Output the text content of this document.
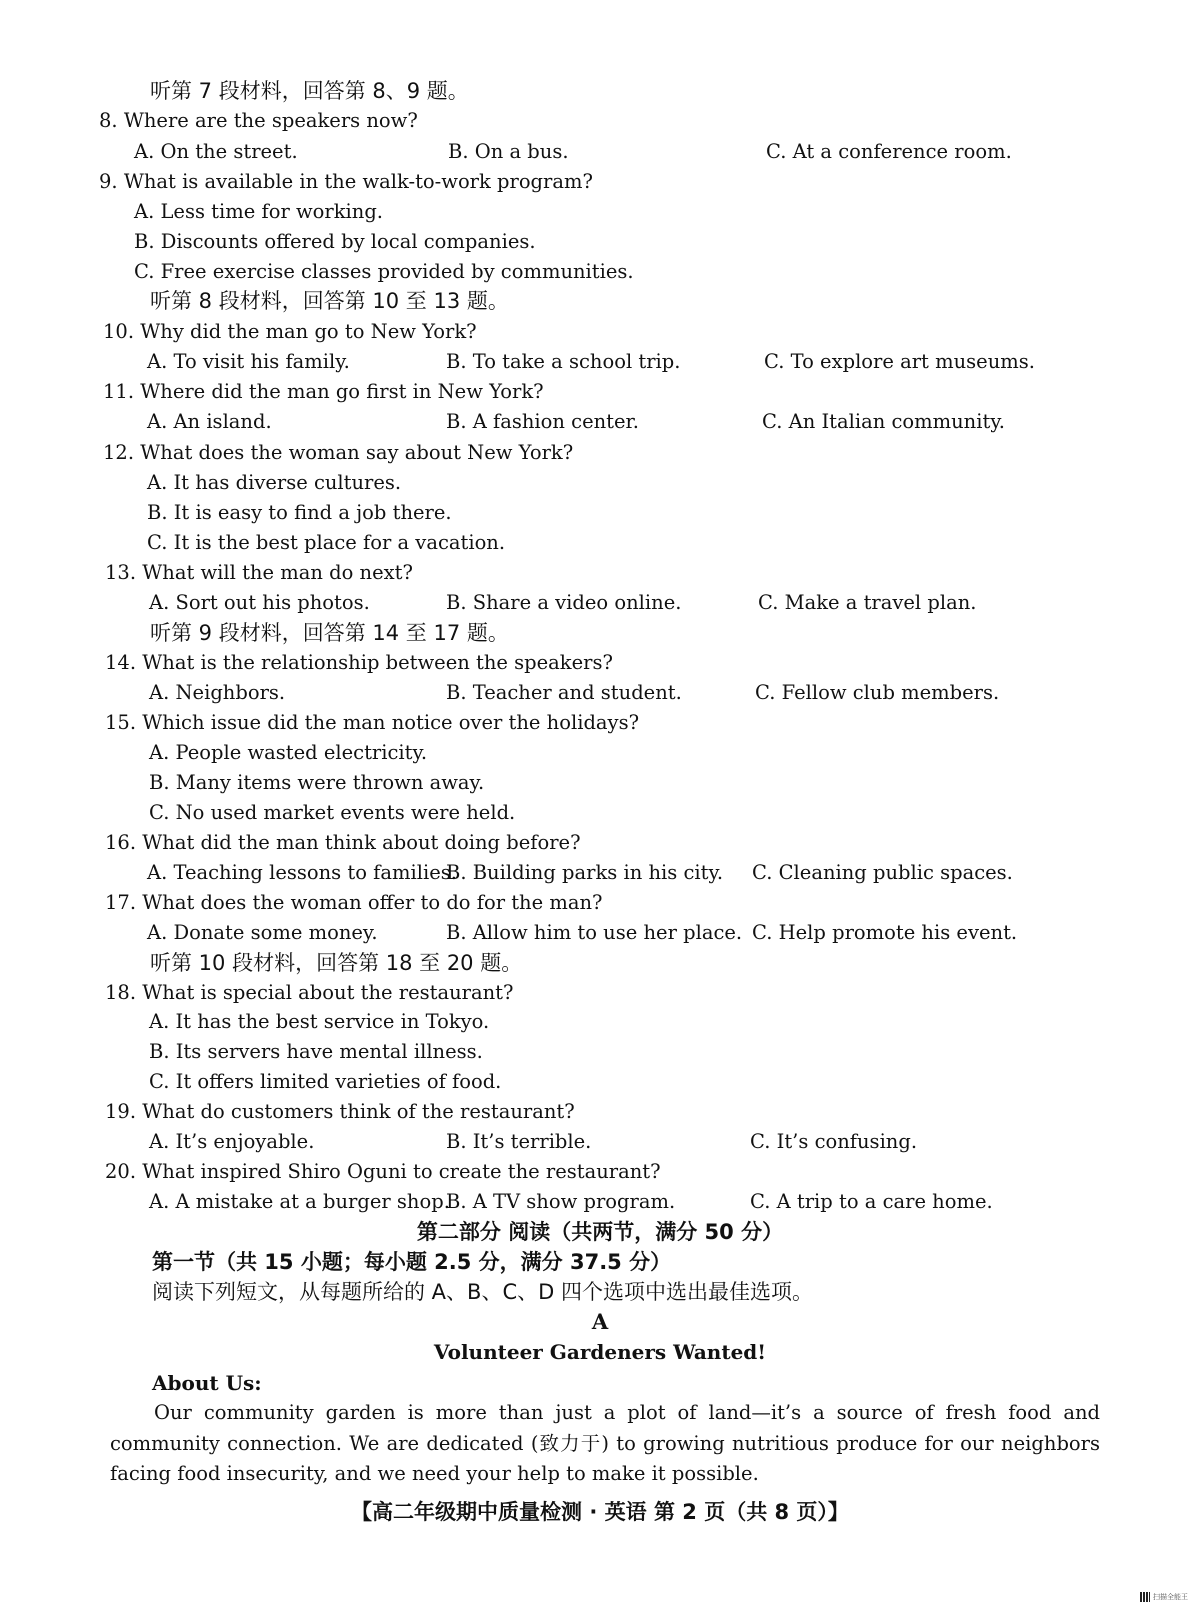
听第 7 段材料，回答第 8、9 题。
8. Where are the speakers now?
A. On the street.	B. On a bus.	C. At a conference room.
9. What is available in the walk-to-work program?
A. Less time for working.
B. Discounts offered by local companies.
C. Free exercise classes provided by communities.
听第 8 段材料，回答第 10 至 13 题。
10. Why did the man go to New York?
A. To visit his family.	B. To take a school trip.	C. To explore art museums.
11. Where did the man go first in New York?
A. An island.	B. A fashion center.	C. An Italian community.
12. What does the woman say about New York?
A. It has diverse cultures.
B. It is easy to find a job there.
C. It is the best place for a vacation.
13. What will the man do next?
A. Sort out his photos.	B. Share a video online.	C. Make a travel plan.
听第 9 段材料，回答第 14 至 17 题。
14. What is the relationship between the speakers?
A. Neighbors.	B. Teacher and student.	C. Fellow club members.
15. Which issue did the man notice over the holidays?
A. People wasted electricity.
B. Many items were thrown away.
C. No used market events were held.
16. What did the man think about doing before?
A. Teaching lessons to families.
B. Building parks in his city. C. Cleaning public spaces.
17. What does the woman offer to do for the man?
A. Donate some money.	B. Allow him to use her place. C. Help promote his event.
听第 10 段材料，回答第 18 至 20 题。
18. What is special about the restaurant?
A. It has the best service in Tokyo.
B. Its servers have mental illness.
C. It offers limited varieties of food.
19. What do customers think of the restaurant?
A. It’s enjoyable.	B. It’s terrible.	C. It’s confusing.
20. What inspired Shiro Oguni to create the restaurant?
A. A mistake at a burger shop.
B. A TV show program.	C. A trip to a care home.
第二部分 阅读（共两节，满分 50 分）
第一节（共 15 小题；每小题 2.5 分，满分 37.5 分）
阅读下列短文，从每题所给的 A、B、C、D 四个选项中选出最佳选项。
A
Volunteer Gardeners Wanted!
About Us:
Our community garden is more than just a plot of land—it’s a source of fresh food and community connection. We are dedicated (致力于) to growing nutritious produce for our neighbors facing food insecurity, and we need your help to make it possible.
【高二年级期中质量检测 · 英语 第 2 页（共 8 页）】
扫描全能王
